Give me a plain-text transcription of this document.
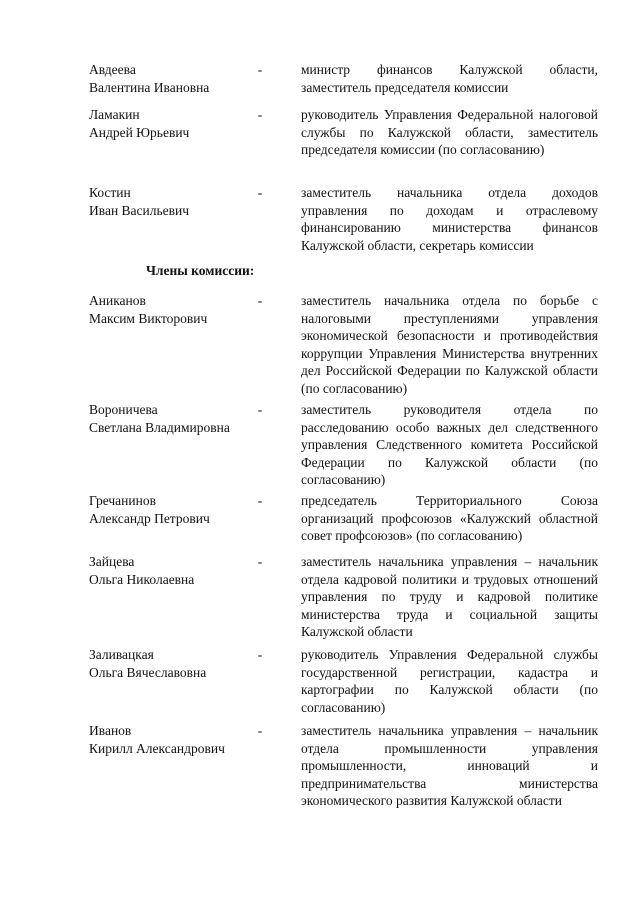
Авдеева
Валентина Ивановна
-	министр финансов Калужской области, заместитель председателя комиссии
Ламакин
Андрей Юрьевич
-	руководитель Управления Федеральной налоговой службы по Калужской области, заместитель председателя комиссии (по согласованию)
Костин
Иван Васильевич
-	заместитель начальника отдела доходов управления по доходам и отраслевому финансированию министерства финансов Калужской области, секретарь комиссии
Члены комиссии:
Аниканов
Максим Викторович
-	заместитель начальника отдела по борьбе с налоговыми преступлениями управления экономической безопасности и противодействия коррупции Управления Министерства внутренних дел Российской Федерации по Калужской области (по согласованию)
Вороничева
Светлана Владимировна
-	заместитель руководителя отдела по расследованию особо важных дел следственного управления Следственного комитета Российской Федерации по Калужской области (по согласованию)
Гречанинов
Александр Петрович
-	председатель Территориального Союза организаций профсоюзов «Калужский областной совет профсоюзов» (по согласованию)
Зайцева
Ольга Николаевна
-	заместитель начальника управления – начальник отдела кадровой политики и трудовых отношений управления по труду и кадровой политике министерства труда и социальной защиты Калужской области
Заливацкая
Ольга Вячеславовна
-	руководитель Управления Федеральной службы государственной регистрации, кадастра и картографии по Калужской области (по согласованию)
Иванов
Кирилл Александрович
-	заместитель начальника управления – начальник отдела промышленности управления промышленности, инноваций и предпринимательства министерства экономического развития Калужской области
